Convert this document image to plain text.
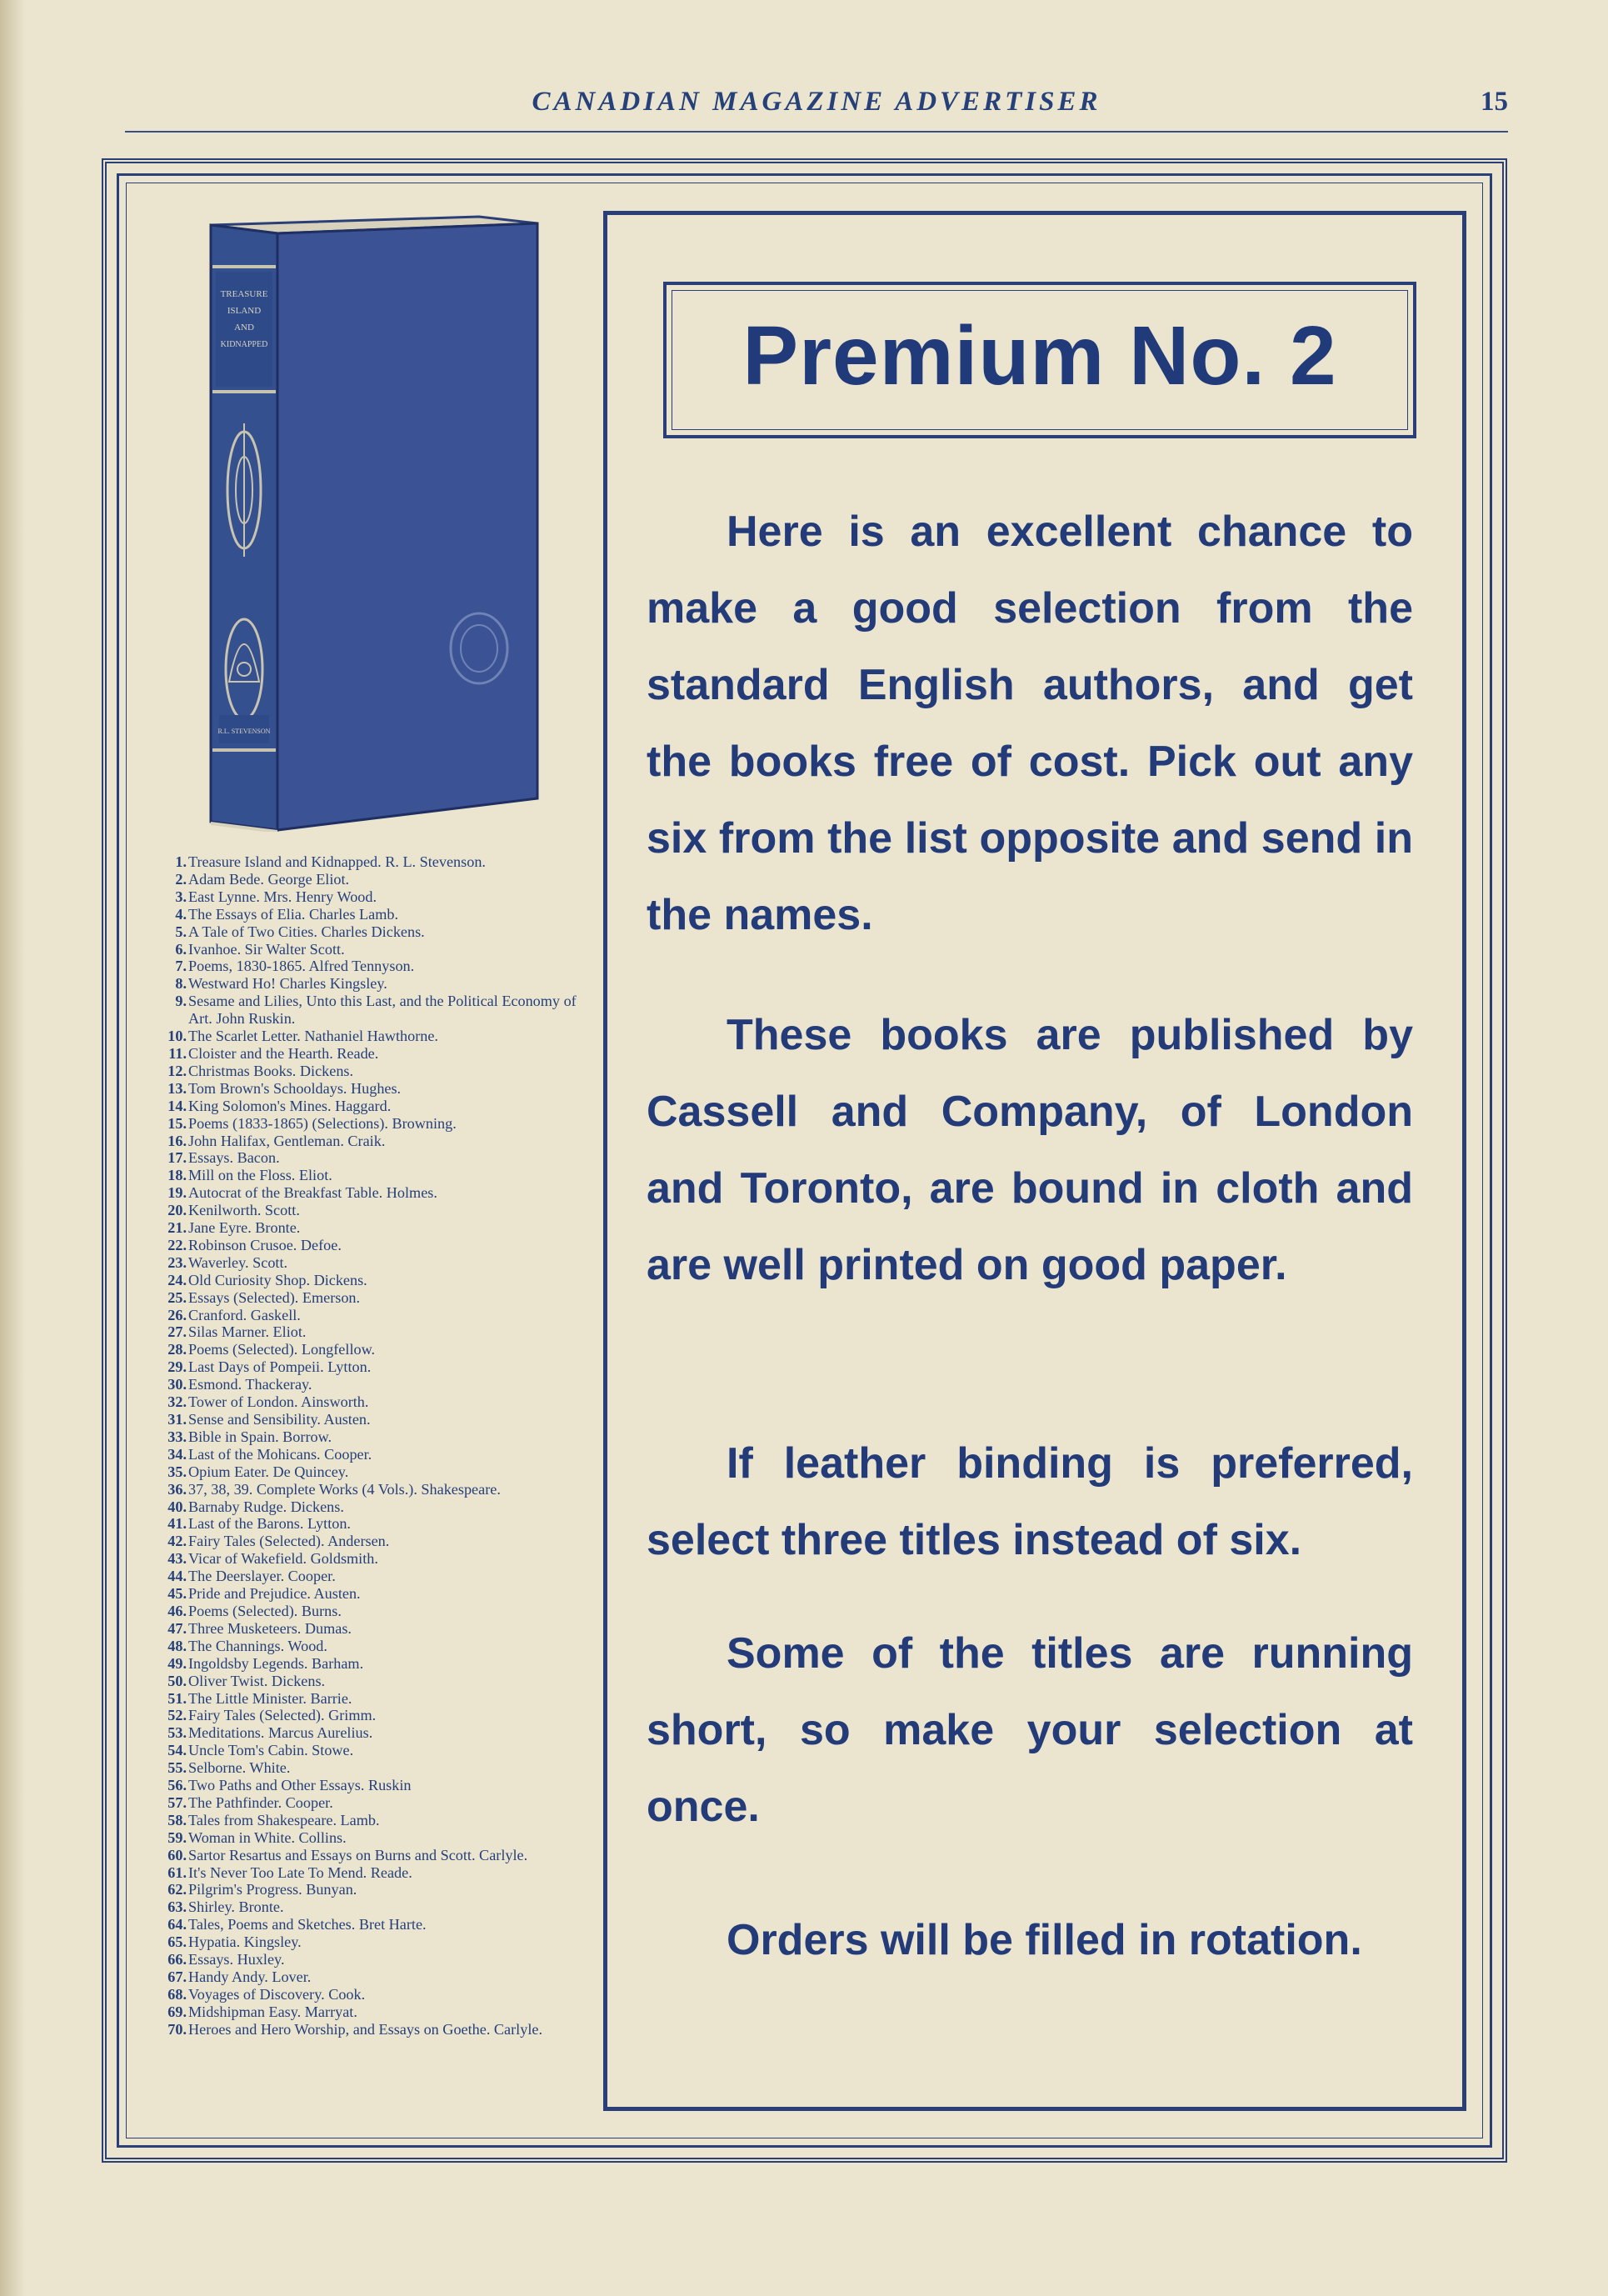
CANADIAN MAGAZINE ADVERTISER	15
TREASURE
ISLAND
AND
KIDNAPPED
R.L. STEVENSON
1. Treasure Island and Kidnapped. R. L. Stevenson.
2. Adam Bede. George Eliot.
3. East Lynne. Mrs. Henry Wood.
4. The Essays of Elia. Charles Lamb.
5. A Tale of Two Cities. Charles Dickens.
6. Ivanhoe. Sir Walter Scott.
7. Poems, 1830-1865. Alfred Tennyson.
8. Westward Ho! Charles Kingsley.
9. Sesame and Lilies, Unto this Last, and the Political Economy of Art. John Ruskin.
10. The Scarlet Letter. Nathaniel Hawthorne.
11. Cloister and the Hearth. Reade.
12. Christmas Books. Dickens.
13. Tom Brown's Schooldays. Hughes.
14. King Solomon's Mines. Haggard.
15. Poems (1833-1865) (Selections). Browning.
16. John Halifax, Gentleman. Craik.
17. Essays. Bacon.
18. Mill on the Floss. Eliot.
19. Autocrat of the Breakfast Table. Holmes.
20. Kenilworth. Scott.
21. Jane Eyre. Bronte.
22. Robinson Crusoe. Defoe.
23. Waverley. Scott.
24. Old Curiosity Shop. Dickens.
25. Essays (Selected). Emerson.
26. Cranford. Gaskell.
27. Silas Marner. Eliot.
28. Poems (Selected). Longfellow.
29. Last Days of Pompeii. Lytton.
30. Esmond. Thackeray.
32. Tower of London. Ainsworth.
31. Sense and Sensibility. Austen.
33. Bible in Spain. Borrow.
34. Last of the Mohicans. Cooper.
35. Opium Eater. De Quincey.
36. 37, 38, 39. Complete Works (4 Vols.). Shakespeare.
40. Barnaby Rudge. Dickens.
41. Last of the Barons. Lytton.
42. Fairy Tales (Selected). Andersen.
43. Vicar of Wakefield. Goldsmith.
44. The Deerslayer. Cooper.
45. Pride and Prejudice. Austen.
46. Poems (Selected). Burns.
47. Three Musketeers. Dumas.
48. The Channings. Wood.
49. Ingoldsby Legends. Barham.
50. Oliver Twist. Dickens.
51. The Little Minister. Barrie.
52. Fairy Tales (Selected). Grimm.
53. Meditations. Marcus Aurelius.
54. Uncle Tom's Cabin. Stowe.
55. Selborne. White.
56. Two Paths and Other Essays. Ruskin
57. The Pathfinder. Cooper.
58. Tales from Shakespeare. Lamb.
59. Woman in White. Collins.
60. Sartor Resartus and Essays on Burns and Scott. Carlyle.
61. It's Never Too Late To Mend. Reade.
62. Pilgrim's Progress. Bunyan.
63. Shirley. Bronte.
64. Tales, Poems and Sketches. Bret Harte.
65. Hypatia. Kingsley.
66. Essays. Huxley.
67. Handy Andy. Lover.
68. Voyages of Discovery. Cook.
69. Midshipman Easy. Marryat.
70. Heroes and Hero Worship, and Essays on Goethe. Carlyle.
Premium No. 2

Here is an excellent chance to make a good selection from the standard English authors, and get the books free of cost. Pick out any six from the list opposite and send in the names.

These books are published by Cassell and Company, of London and Toronto, are bound in cloth and are well printed on good paper.

If leather binding is preferred, select three titles instead of six.

Some of the titles are running short, so make your selection at once.

Orders will be filled in rotation.
